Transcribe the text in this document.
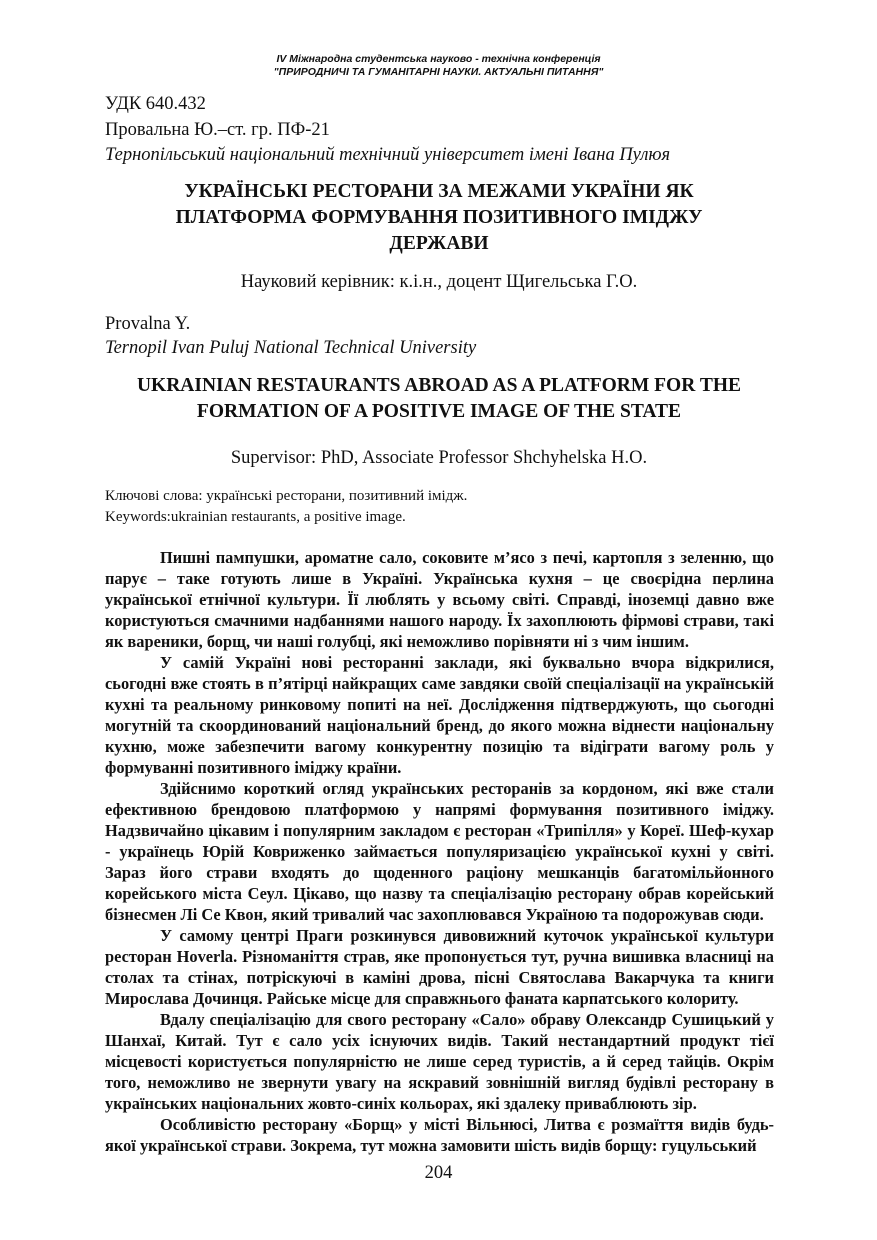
IV Міжнародна студентська науково - технічна конференція
"ПРИРОДНИЧІ ТА ГУМАНІТАРНІ НАУКИ. АКТУАЛЬНІ ПИТАННЯ"
УДК 640.432
Провальна Ю.–ст. гр. ПФ-21
Тернопільський національний технічний університет імені Івана Пулюя
УКРАЇНСЬКІ РЕСТОРАНИ ЗА МЕЖАМИ УКРАЇНИ ЯК
ПЛАТФОРМА ФОРМУВАННЯ ПОЗИТИВНОГО ІМІДЖУ
ДЕРЖАВИ
Науковий керівник: к.і.н., доцент Щигельська Г.О.
Provalna Y.
Ternopil Ivan Puluj National Technical University
UKRAINIAN RESTAURANTS ABROAD AS A PLATFORM FOR THE
FORMATION OF A POSITIVE IMAGE OF THE STATE
Supervisor: PhD, Associate Professor Shchyhelska H.O.
Ключові слова: українські ресторани, позитивний імідж.
Keywords:ukrainian restaurants, a positive image.

Пишні пампушки, ароматне сало, соковите м’ясо з печі, картопля з зеленню, що парує – таке готують лише в Україні. Українська кухня – це своєрідна перлина української етнічної культури. Її люблять у всьому світі. Справді, іноземці давно вже користуються смачними надбаннями нашого народу. Їх захоплюють фірмові страви, такі як вареники, борщ, чи наші голубці, які неможливо порівняти ні з чим іншим.

У самій Україні нові ресторанні заклади, які буквально вчора відкрилися, сьогодні вже стоять в п’ятірці найкращих саме завдяки своїй спеціалізації на українській кухні та реальному ринковому попиті на неї. Дослідження підтверджують, що сьогодні могутній та скоординований національний бренд, до якого можна віднести національну кухню, може забезпечити вагому конкурентну позицію та відіграти вагому роль у формуванні позитивного іміджу країни.

Здійснимо короткий огляд українських ресторанів за кордоном, які вже стали ефективною брендовою платформою у напрямі формування позитивного іміджу. Надзвичайно цікавим і популярним закладом є ресторан «Трипілля» у Кореї. Шеф-кухар - українець Юрій Ковриженко займається популяризацією української кухні у світі. Зараз його страви входять до щоденного раціону мешканців багатомільйонного корейського міста Сеул. Цікаво, що назву та спеціалізацію ресторану обрав корейський бізнесмен Лі Се Квон, який тривалий час захоплювався Україною та подорожував сюди.

У самому центрі Праги розкинувся дивовижний куточок української культури ресторан Hoverla. Різноманіття страв, яке пропонується тут, ручна вишивка власниці на столах та стінах, потріскуючі в каміні дрова, пісні Святослава Вакарчука та книги Мирослава Дочинця. Райське місце для справжнього фаната карпатського колориту.

Вдалу спеціалізацію для свого ресторану «Сало» обраву Олександр Сушицький у Шанхаї, Китай. Тут є сало усіх існуючих видів. Такий нестандартний продукт тієї місцевості користується популярністю не лише серед туристів, а й серед тайців. Окрім того, неможливо не звернути увагу на яскравий зовнішній вигляд будівлі ресторану в українських національних жовто-синіх кольорах, які здалеку приваблюють зір.

Особливістю ресторану «Борщ» у місті Вільнюсі, Литва є розмаїття видів будь-якої української страви. Зокрема, тут можна замовити шість видів борщу: гуцульський

204
